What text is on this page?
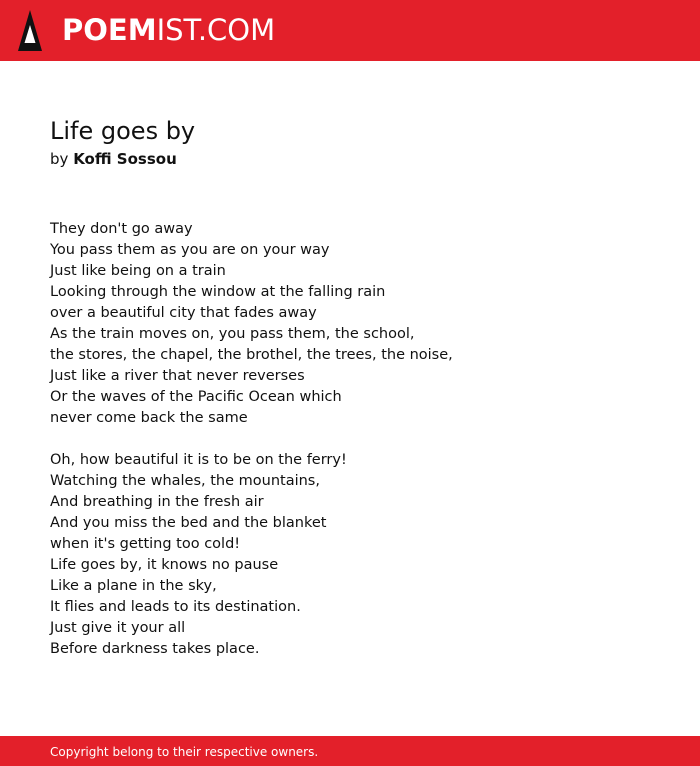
POEMIST.COM
Life goes by
by Koffi Sossou
They don't go away
You pass them as you are on your way
Just like being on a train
Looking through the window at the falling rain
over a beautiful city that fades away
As the train moves on, you pass them, the school,
the stores, the chapel, the brothel, the trees, the noise,
Just like a river that never reverses
Or the waves of the Pacific Ocean which
never come back the same
Oh, how beautiful it is to be on the ferry!
Watching the whales, the mountains,
And breathing in the fresh air
And you miss the bed and the blanket
when it's getting too cold!
Life goes by, it knows no pause
Like a plane in the sky,
It flies and leads to its destination.
Just give it your all
Before darkness takes place.
Copyright belong to their respective owners.
